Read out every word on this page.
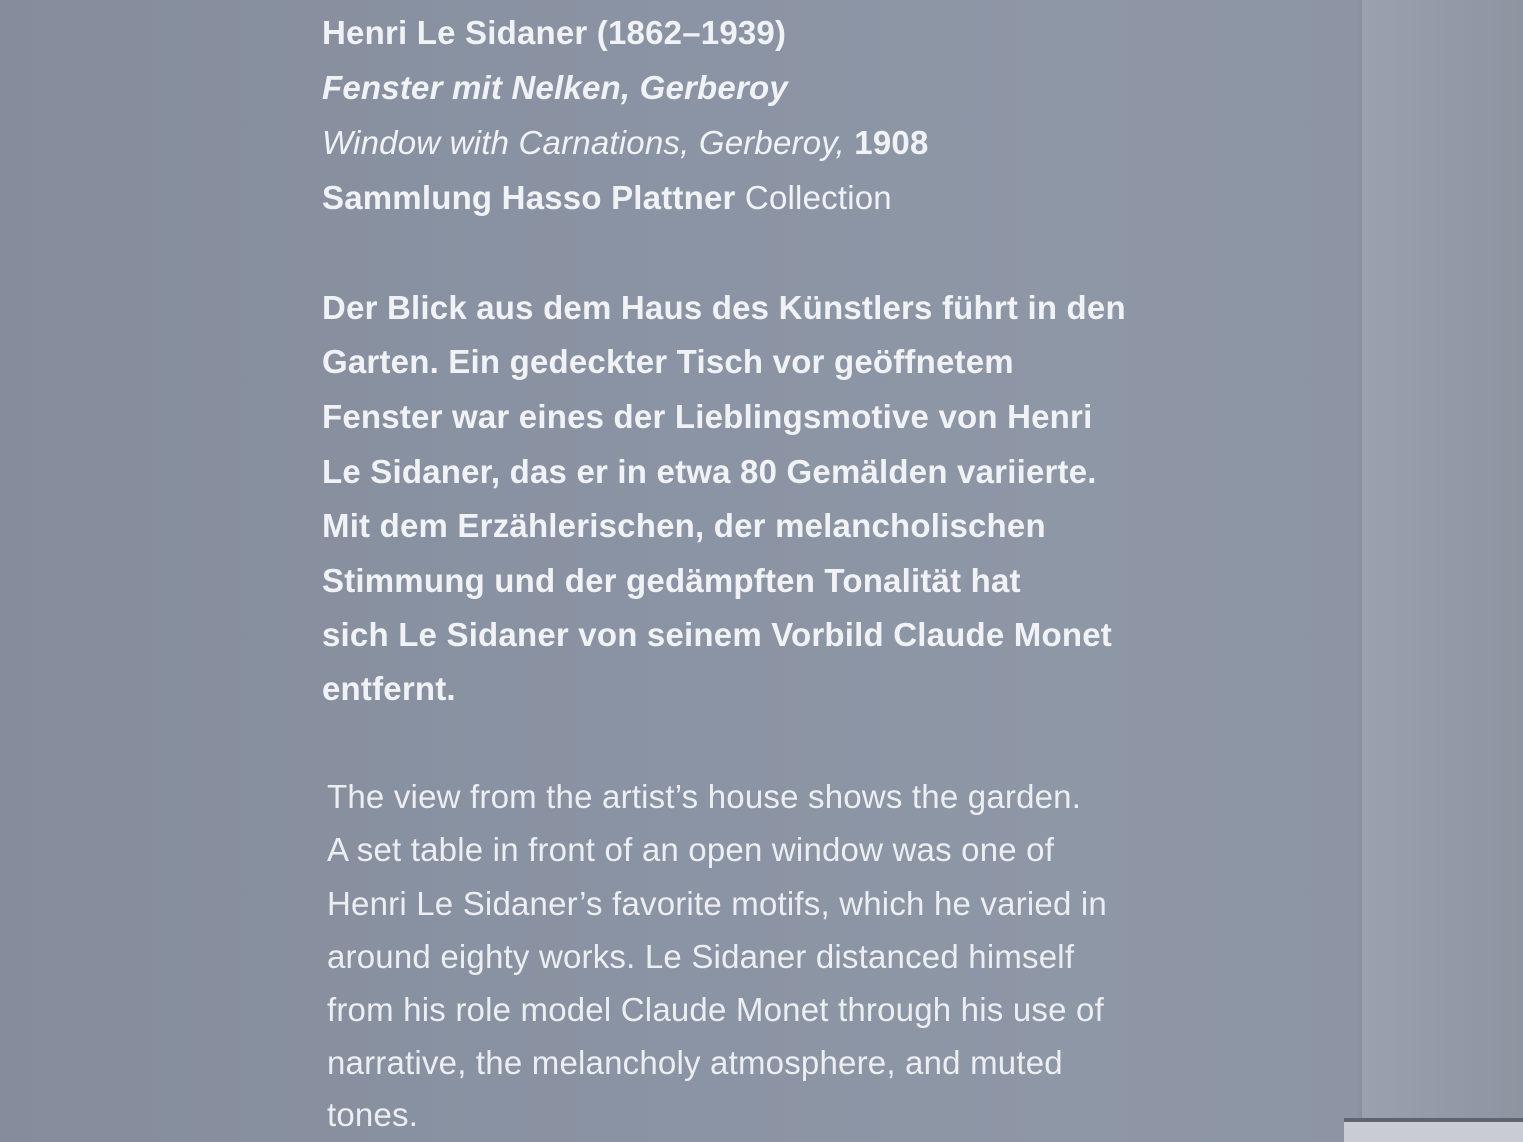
Henri Le Sidaner (1862–1939)
Fenster mit Nelken, Gerberoy
Window with Carnations, Gerberoy, 1908
Sammlung Hasso Plattner Collection
Der Blick aus dem Haus des Künstlers führt in den
Garten. Ein gedeckter Tisch vor geöffnetem
Fenster war eines der Lieblingsmotive von Henri
Le Sidaner, das er in etwa 80 Gemälden variierte.
Mit dem Erzählerischen, der melancholischen
Stimmung und der gedämpften Tonalität hat
sich Le Sidaner von seinem Vorbild Claude Monet
entfernt.
The view from the artist’s house shows the garden.
A set table in front of an open window was one of
Henri Le Sidaner’s favorite motifs, which he varied in
around eighty works. Le Sidaner distanced himself
from his role model Claude Monet through his use of
narrative, the melancholy atmosphere, and muted
tones.
